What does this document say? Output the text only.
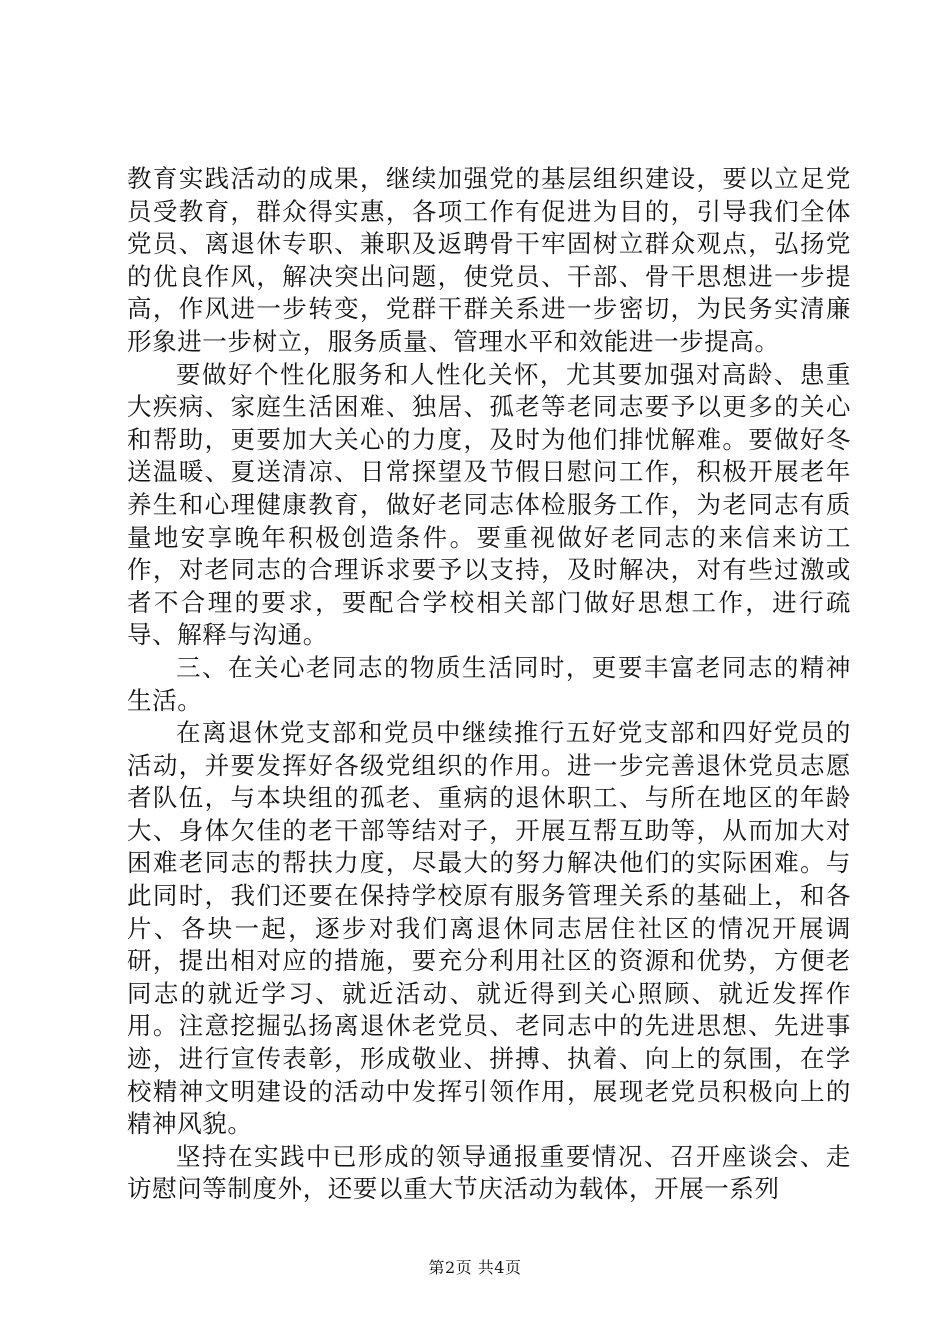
教育实践活动的成果，继续加强党的基层组织建设，要以立足党员受教育，群众得实惠，各项工作有促进为目的，引导我们全体党员、离退休专职、兼职及返聘骨干牢固树立群众观点，弘扬党的优良作风，解决突出问题，使党员、干部、骨干思想进一步提高，作风进一步转变，党群干群关系进一步密切，为民务实清廉形象进一步树立，服务质量、管理水平和效能进一步提高。

要做好个性化服务和人性化关怀，尤其要加强对高龄、患重大疾病、家庭生活困难、独居、孤老等老同志要予以更多的关心和帮助，更要加大关心的力度，及时为他们排忧解难。要做好冬送温暖、夏送清凉、日常探望及节假日慰问工作，积极开展老年养生和心理健康教育，做好老同志体检服务工作，为老同志有质量地安享晚年积极创造条件。要重视做好老同志的来信来访工作，对老同志的合理诉求要予以支持，及时解决，对有些过激或者不合理的要求，要配合学校相关部门做好思想工作，进行疏导、解释与沟通。

三、在关心老同志的物质生活同时，更要丰富老同志的精神生活。

在离退休党支部和党员中继续推行五好党支部和四好党员的活动，并要发挥好各级党组织的作用。进一步完善退休党员志愿者队伍，与本块组的孤老、重病的退休职工、与所在地区的年龄大、身体欠佳的老干部等结对子，开展互帮互助等，从而加大对困难老同志的帮扶力度，尽最大的努力解决他们的实际困难。与此同时，我们还要在保持学校原有服务管理关系的基础上，和各片、各块一起，逐步对我们离退休同志居住社区的情况开展调研，提出相对应的措施，要充分利用社区的资源和优势，方便老同志的就近学习、就近活动、就近得到关心照顾、就近发挥作用。注意挖掘弘扬离退休老党员、老同志中的先进思想、先进事迹，进行宣传表彰，形成敬业、拼搏、执着、向上的氛围，在学校精神文明建设的活动中发挥引领作用，展现老党员积极向上的精神风貌。

坚持在实践中已形成的领导通报重要情况、召开座谈会、走访慰问等制度外，还要以重大节庆活动为载体，开展一系列

第2页 共4页
